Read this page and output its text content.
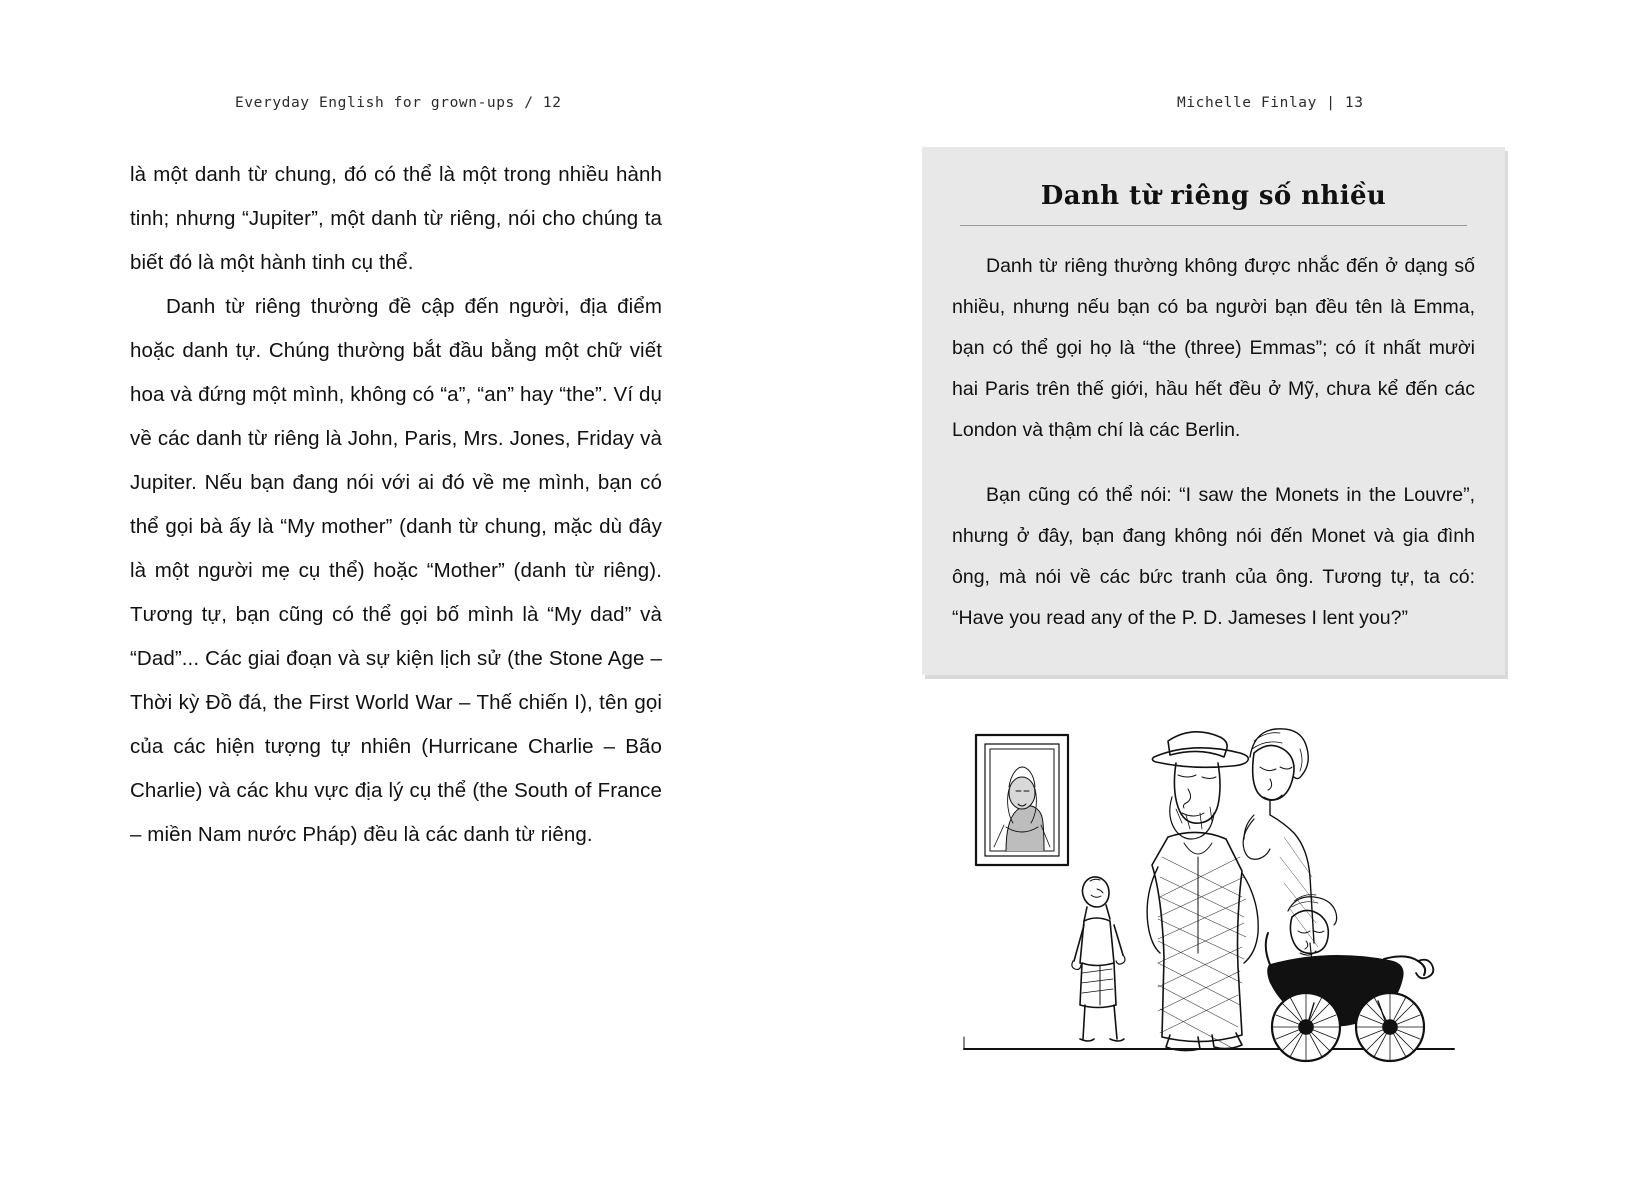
Everyday English for grown-ups / 12

là một danh từ chung, đó có thể là một trong nhiều hành tinh; nhưng “Jupiter”, một danh từ riêng, nói cho chúng ta biết đó là một hành tinh cụ thể.

Danh từ riêng thường đề cập đến người, địa điểm hoặc danh tự. Chúng thường bắt đầu bằng một chữ viết hoa và đứng một mình, không có “a”, “an” hay “the”. Ví dụ về các danh từ riêng là John, Paris, Mrs. Jones, Friday và Jupiter. Nếu bạn đang nói với ai đó về mẹ mình, bạn có thể gọi bà ấy là “My mother” (danh từ chung, mặc dù đây là một người mẹ cụ thể) hoặc “Mother” (danh từ riêng). Tương tự, bạn cũng có thể gọi bố mình là “My dad” và “Dad”... Các giai đoạn và sự kiện lịch sử (the Stone Age – Thời kỳ Đồ đá, the First World War – Thế chiến I), tên gọi của các hiện tượng tự nhiên (Hurricane Charlie – Bão Charlie) và các khu vực địa lý cụ thể (the South of France – miền Nam nước Pháp) đều là các danh từ riêng.

Michelle Finlay | 13
Danh từ riêng số nhiều

Danh từ riêng thường không được nhắc đến ở dạng số nhiều, nhưng nếu bạn có ba người bạn đều tên là Emma, bạn có thể gọi họ là “the (three) Emmas”; có ít nhất mười hai Paris trên thế giới, hầu hết đều ở Mỹ, chưa kể đến các London và thậm chí là các Berlin.

Bạn cũng có thể nói: “I saw the Monets in the Louvre”, nhưng ở đây, bạn đang không nói đến Monet và gia đình ông, mà nói về các bức tranh của ông. Tương tự, ta có: “Have you read any of the P. D. Jameses I lent you?”
